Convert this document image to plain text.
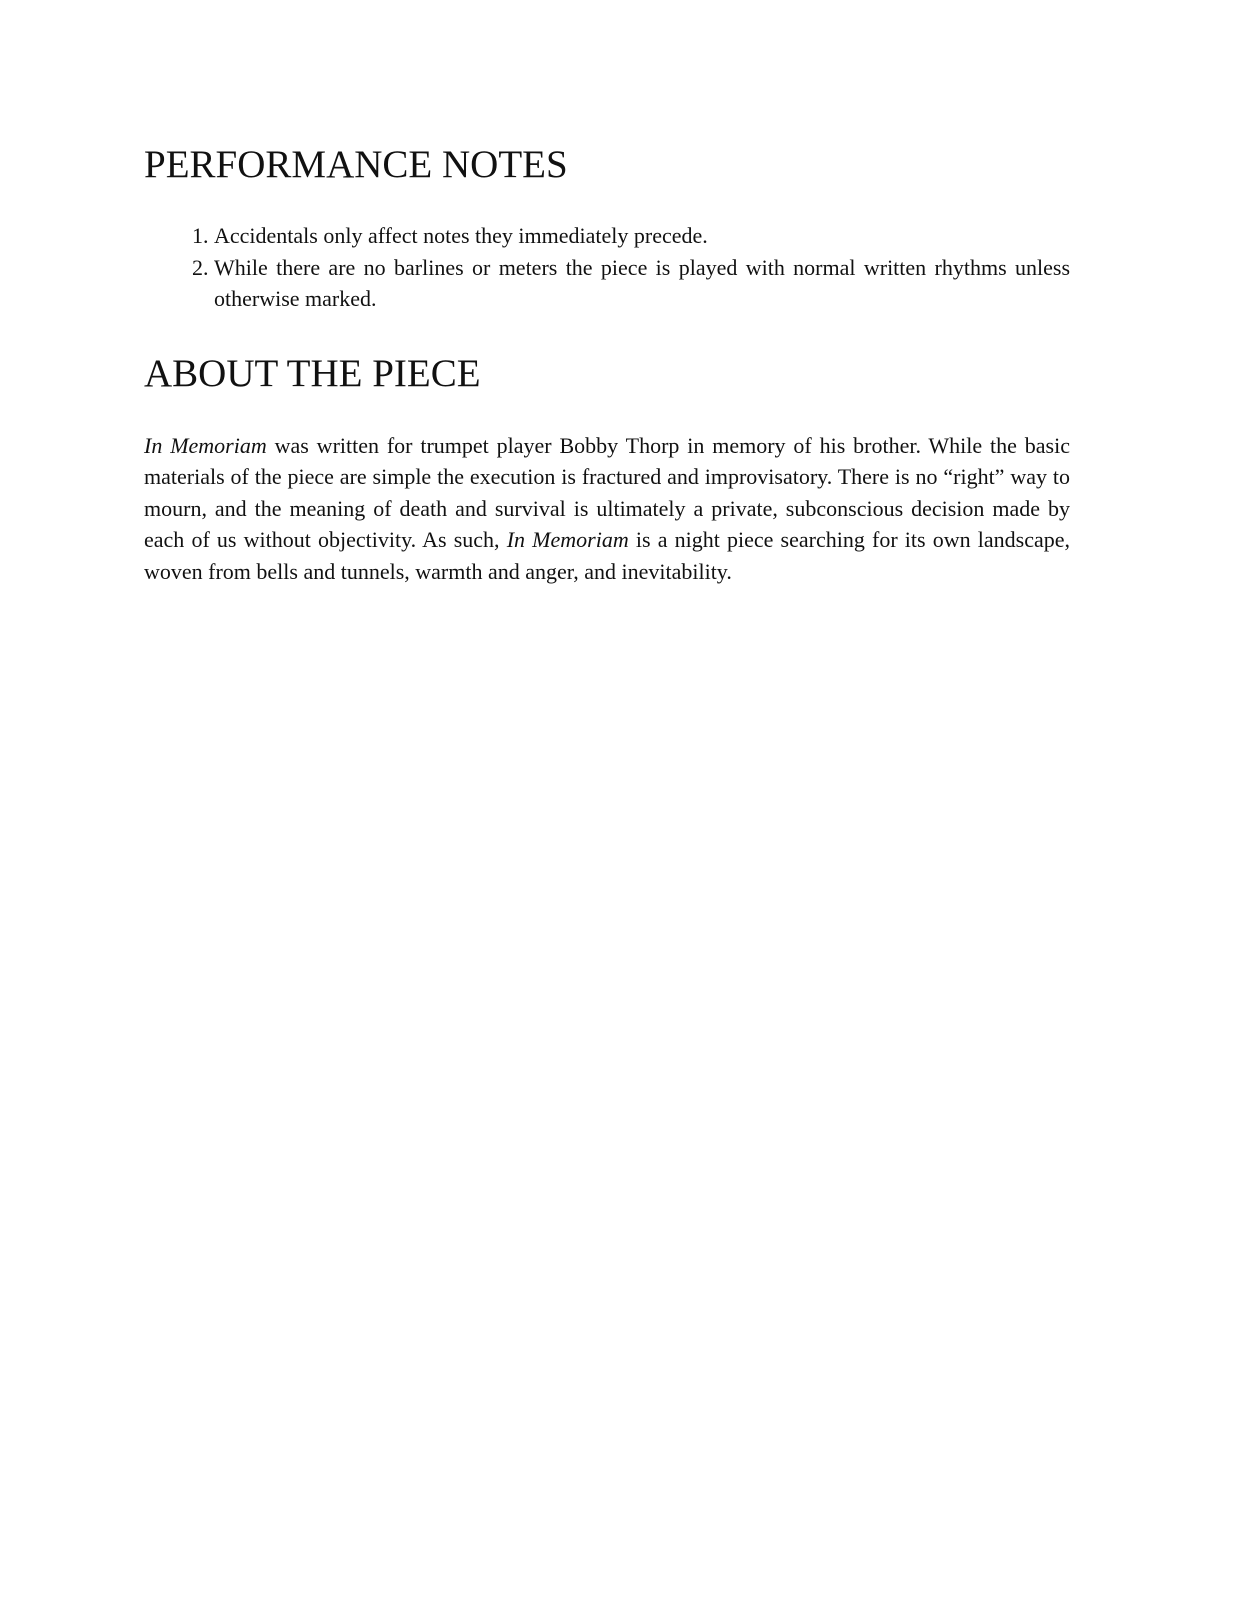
PERFORMANCE NOTES
1. Accidentals only affect notes they immediately precede.
2. While there are no barlines or meters the piece is played with normal written rhythms unless otherwise marked.
ABOUT THE PIECE

In Memoriam was written for trumpet player Bobby Thorp in memory of his brother. While the basic materials of the piece are simple the execution is fractured and improvisatory. There is no “right” way to mourn, and the meaning of death and survival is ultimately a private, subconscious decision made by each of us without objectivity. As such, In Memoriam is a night piece searching for its own landscape, woven from bells and tunnels, warmth and anger, and inevitability.
